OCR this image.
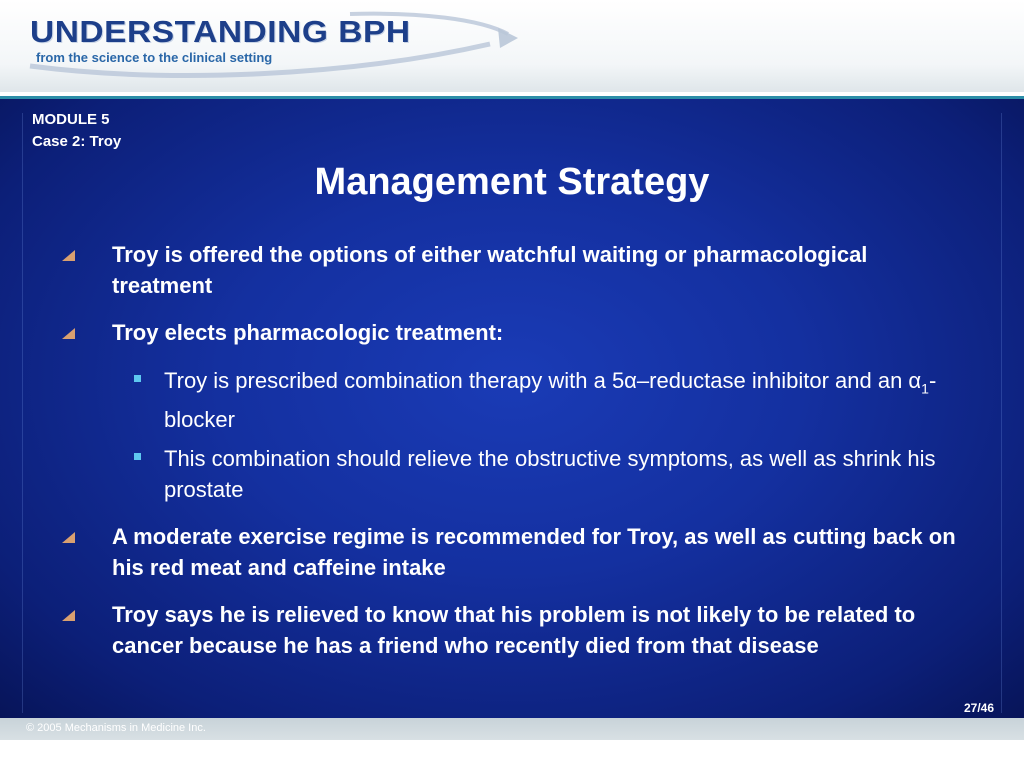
UNDERSTANDING BPH
from the science to the clinical setting
MODULE 5
Case 2: Troy
Management Strategy
Troy is offered the options of either watchful waiting or pharmacological treatment
Troy elects pharmacologic treatment:
Troy is prescribed combination therapy with a 5α–reductase inhibitor and an $\alpha_1$-blocker
This combination should relieve the obstructive symptoms, as well as shrink his prostate
A moderate exercise regime is recommended for Troy, as well as cutting back on his red meat and caffeine intake
Troy says he is relieved to know that his problem is not likely to be related to cancer because he has a friend who recently died from that disease
27/46
© 2005 Mechanisms in Medicine Inc.
